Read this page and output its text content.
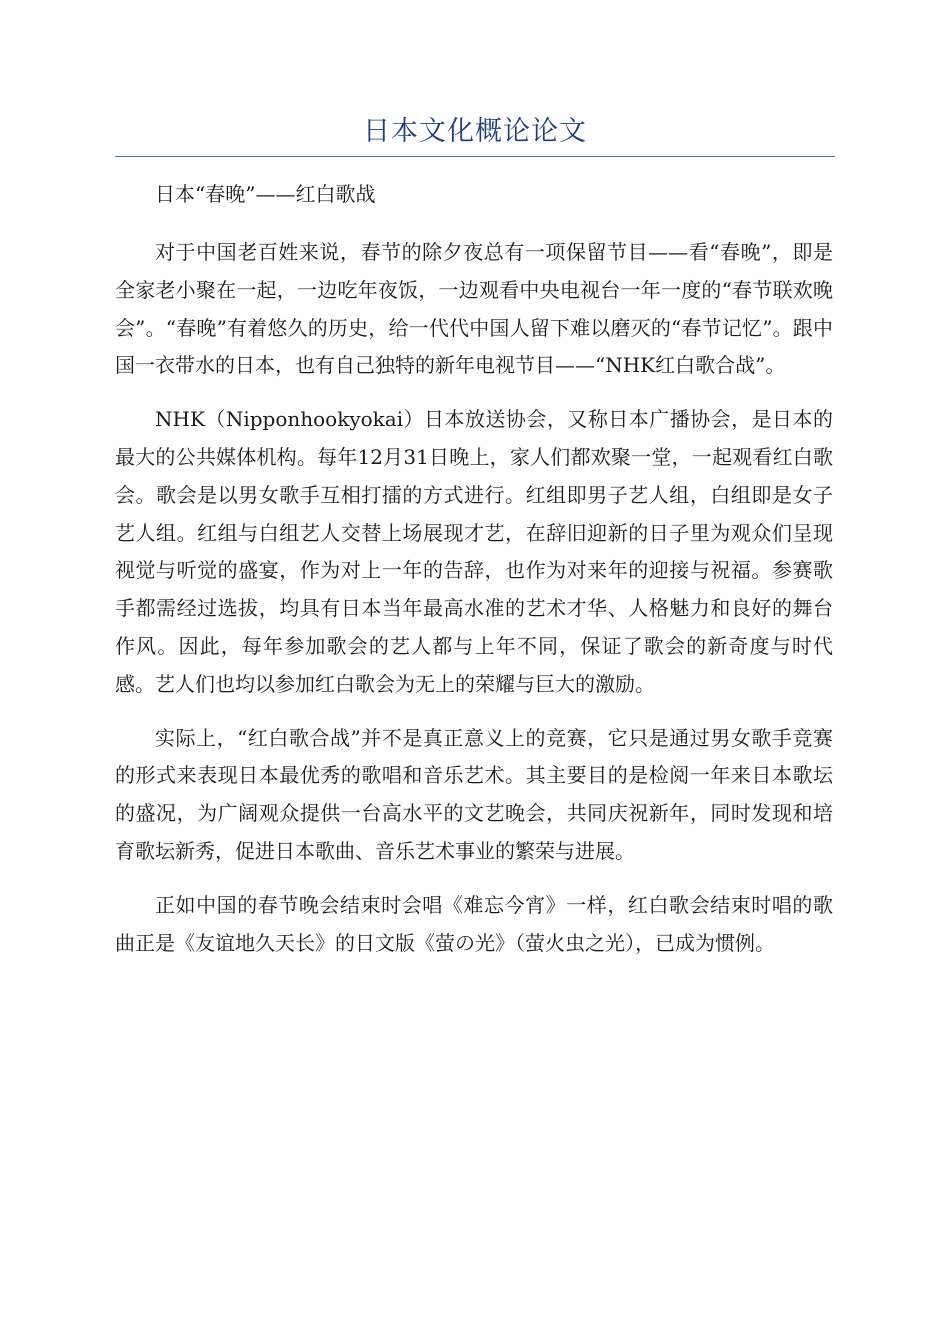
日本文化概论论文

日本“春晚”——红白歌战

对于中国老百姓来说，春节的除夕夜总有一项保留节目——看“春晚”，即是全家老小聚在一起，一边吃年夜饭，一边观看中央电视台一年一度的“春节联欢晚会”。“春晚”有着悠久的历史，给一代代中国人留下难以磨灭的“春节记忆”。跟中国一衣带水的日本，也有自己独特的新年电视节目——“NHK红白歌合战”。

NHK（Nipponhookyokai）日本放送协会，又称日本广播协会，是日本的最大的公共媒体机构。每年12月31日晚上，家人们都欢聚一堂，一起观看红白歌会。歌会是以男女歌手互相打擂的方式进行。红组即男子艺人组，白组即是女子艺人组。红组与白组艺人交替上场展现才艺，在辞旧迎新的日子里为观众们呈现视觉与听觉的盛宴，作为对上一年的告辞，也作为对来年的迎接与祝福。参赛歌手都需经过选拔，均具有日本当年最高水准的艺术才华、人格魅力和良好的舞台作风。因此，每年参加歌会的艺人都与上年不同，保证了歌会的新奇度与时代感。艺人们也均以参加红白歌会为无上的荣耀与巨大的激励。

实际上，“红白歌合战”并不是真正意义上的竞赛，它只是通过男女歌手竞赛的形式来表现日本最优秀的歌唱和音乐艺术。其主要目的是检阅一年来日本歌坛的盛况，为广阔观众提供一台高水平的文艺晚会，共同庆祝新年，同时发现和培育歌坛新秀，促进日本歌曲、音乐艺术事业的繁荣与进展。

正如中国的春节晚会结束时会唱《难忘今宵》一样，红白歌会结束时唱的歌曲正是《友谊地久天长》的日文版《萤の光》（萤火虫之光），已成为惯例。
